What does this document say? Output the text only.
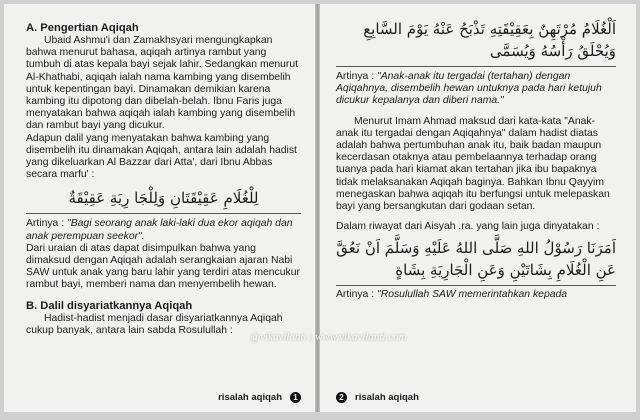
A. Pengertian Aqiqah

Ubaid Ashmu'i dan Zamakhsyari mengungkapkan bahwa menurut bahasa, aqiqah artinya rambut yang tumbuh di atas kepala bayi sejak lahir. Sedangkan menurut Al-Khathabi, aqiqah ialah nama kambing yang disembelih untuk kepentingan bayi. Dinamakan demikian karena kambing itu dipotong dan dibelah-belah. Ibnu Faris juga menyatakan bahwa aqiqah ialah kambing yang disembelih dan rambut bayi yang dicukur.

Adapun dalil yang menyatakan bahwa kambing yang disembelih itu dinamakan Aqiqah, antara lain adalah hadist yang dikeluarkan Al Bazzar dari Atta', dari Ibnu Abbas secara marfu' :

لِلْغُلَامِ عَقِيْقَتَانِ وَلِلْجَا رِيَةِ عَقِيْقَةٌ

Artinya : "Bagi seorang anak laki-laki dua ekor aqiqah dan anak perempuan seekor".

Dari uraian di atas dapat disimpulkan bahwa yang dimaksud dengan Aqiqah adalah serangkaian ajaran Nabi SAW untuk anak yang baru lahir yang terdiri atas mencukur rambut bayi, memberi nama dan menyembelih hewan.

B. Dalil disyariatkannya Aqiqah

Hadist-hadist menjadi dasar disyariatkannya Aqiqah cukup banyak, antara lain sabda Rosulullah :

risalah aqiqah	1
اَلْغُلَامُ مُرْتَهِنٌ بِعَقِيْقَتِهِ تَذْبَحُ عَنْهُ يَوْمَ السَّابِعِ
وَيُحْلَقُ رَأْسُهُ وَيُسَمَّى

Artinya : "Anak-anak itu tergadai (tertahan) dengan Aqiqahnya, disembelih hewan untuknya pada hari ketujuh dicukur kepalanya dan diberi nama."

Menurut Imam Ahmad maksud dari kata-kata "Anak-anak itu tergadai dengan Aqiqahnya" dalam hadist diatas adalah bahwa pertumbuhan anak itu, baik badan maupun kecerdasan otaknya atau pembelaannya terhadap orang tuanya pada hari kiamat akan tertahan jika ibu bapaknya tidak melaksanakan Aqiqah baginya. Bahkan Ibnu Qayyim menegaskan bahwa aqiqah itu berfungsi untuk melepaskan bayi yang bersangkutan dari godaan setan.

Dalam riwayat dari Aisyah .ra. yang lain juga dinyatakan :

اَمَرَنَا رَسُوْلُ اللهِ صَلَّى اللهُ عَلَيْهِ وَسَلَّمَ اَنْ نَعُقَّ
عَنِ الْغُلَامِ بِشَاتَيْنِ وَعَنِ الْجَارِيَةِ بِشَاةٍ

Artinya : "Rosulullah SAW memerintahkan kepada

2	risalah aqiqah
@vikavilanti | www.vikavilanti.com
